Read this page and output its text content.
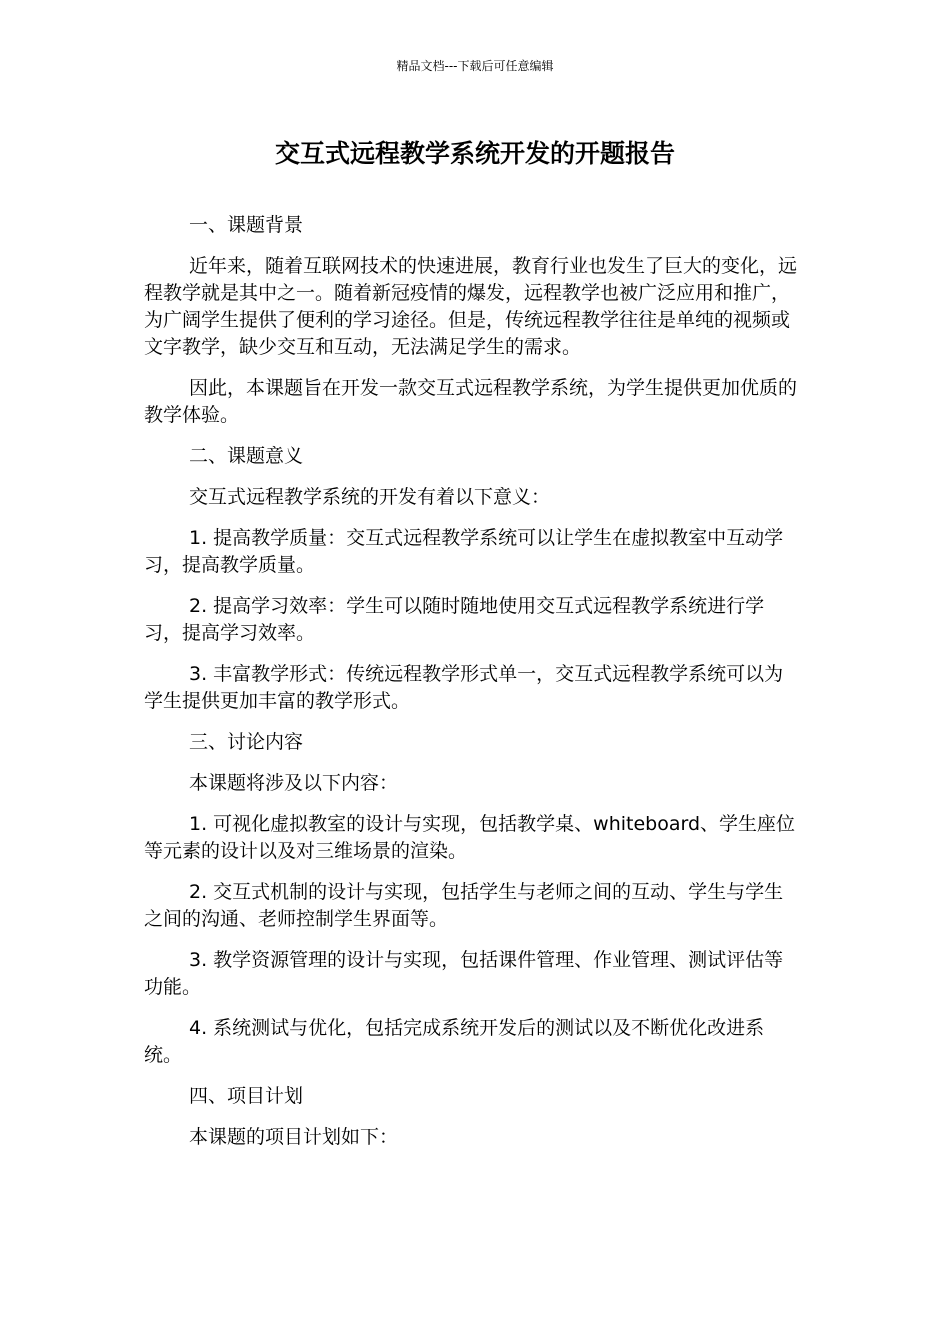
精品文档---下载后可任意编辑
交互式远程教学系统开发的开题报告

一、课题背景

近年来，随着互联网技术的快速进展，教育行业也发生了巨大的变化，远程教学就是其中之一。随着新冠疫情的爆发，远程教学也被广泛应用和推广，为广阔学生提供了便利的学习途径。但是，传统远程教学往往是单纯的视频或文字教学，缺少交互和互动，无法满足学生的需求。

因此，本课题旨在开发一款交互式远程教学系统，为学生提供更加优质的教学体验。

二、课题意义

交互式远程教学系统的开发有着以下意义：

1. 提高教学质量：交互式远程教学系统可以让学生在虚拟教室中互动学习，提高教学质量。

2. 提高学习效率：学生可以随时随地使用交互式远程教学系统进行学习，提高学习效率。

3. 丰富教学形式：传统远程教学形式单一，交互式远程教学系统可以为学生提供更加丰富的教学形式。

三、讨论内容

本课题将涉及以下内容：

1. 可视化虚拟教室的设计与实现，包括教学桌、whiteboard、学生座位等元素的设计以及对三维场景的渲染。

2. 交互式机制的设计与实现，包括学生与老师之间的互动、学生与学生之间的沟通、老师控制学生界面等。

3. 教学资源管理的设计与实现，包括课件管理、作业管理、测试评估等功能。

4. 系统测试与优化，包括完成系统开发后的测试以及不断优化改进系统。

四、项目计划

本课题的项目计划如下：
